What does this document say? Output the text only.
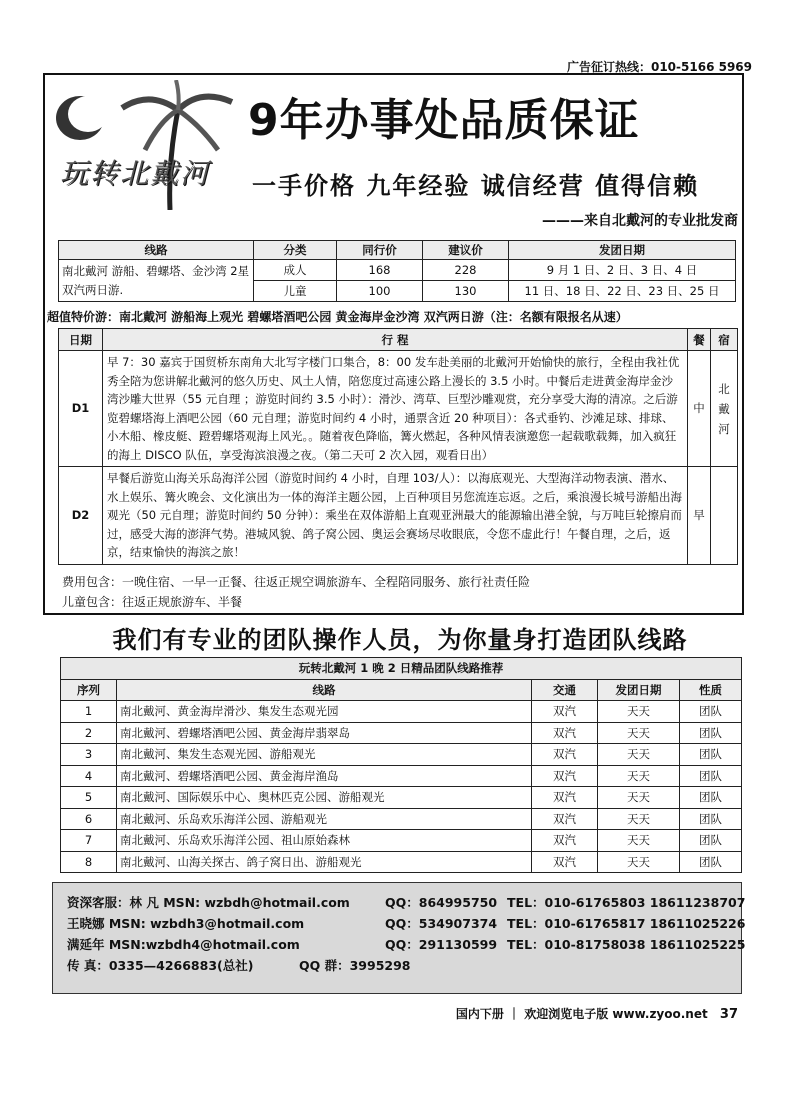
广告征订热线：010-5166 5969
玩转北戴河
9年办事处品质保证
一手价格 九年经验 诚信经营 值得信赖
———来自北戴河的专业批发商
线路	分类	同行价	建议价	发团日期
南北戴河 游船、碧螺塔、金沙湾 2星双汽两日游.	成人	168	228	9 月 1 日、2 日、3 日、4 日
	儿童	100	130	11 日、18 日、22 日、23 日、25 日
超值特价游：南北戴河 游船海上观光 碧螺塔酒吧公园 黄金海岸金沙湾 双汽两日游（注：名额有限报名从速）
日期	行 程	餐	宿
D1	早 7：30 嘉宾于国贸桥东南角大北写字楼门口集合，8：00 发车赴美丽的北戴河开始愉快的旅行，全程由我社优秀全陪为您讲解北戴河的悠久历史、风土人情，陪您度过高速公路上漫长的 3.5 小时。中餐后走进黄金海岸金沙湾沙雕大世界（55 元自理 ；游览时间约 3.5 小时）：滑沙、湾草、巨型沙雕观赏，充分享受大海的清凉。之后游览碧螺塔海上酒吧公园（60 元自理；游览时间约 4 小时，通票含近 20 种项目）：各式垂钓、沙滩足球、排球、小木船、橡皮艇、蹬碧螺塔观海上风光。。随着夜色降临，篝火燃起，各种风情表演邀您一起载歌载舞，加入疯狂的海上 DISCO 队伍，享受海滨浪漫之夜。（第二天可 2 次入园，观看日出）	中	北戴河
D2	早餐后游览山海关乐岛海洋公园（游览时间约 4 小时，自理 103/人）：以海底观光、大型海洋动物表演、潜水、水上娱乐、篝火晚会、文化演出为一体的海洋主题公园，上百种项目另您流连忘返。之后，乘浪漫长城号游船出海观光（50 元自理；游览时间约 50 分钟）：乘坐在双体游船上直观亚洲最大的能源输出港全貌，与万吨巨轮擦肩而过，感受大海的澎湃气势。港城风貌、鸽子窝公园、奥运会赛场尽收眼底，令您不虚此行！午餐自理，之后，返京，结束愉快的海滨之旅！	早	
费用包含：一晚住宿、一早一正餐、往返正规空调旅游车、全程陪同服务、旅行社责任险
儿童包含：往返正规旅游车、半餐
我们有专业的团队操作人员，为你量身打造团队线路
玩转北戴河 1 晚 2 日精品团队线路推荐				
序列	线路	交通	发团日期	性质
1	南北戴河、黄金海岸滑沙、集发生态观光园	双汽	天天	团队
2	南北戴河、碧螺塔酒吧公园、黄金海岸翡翠岛	双汽	天天	团队
3	南北戴河、集发生态观光园、游船观光	双汽	天天	团队
4	南北戴河、碧螺塔酒吧公园、黄金海岸渔岛	双汽	天天	团队
5	南北戴河、国际娱乐中心、奥林匹克公园、游船观光	双汽	天天	团队
6	南北戴河、乐岛欢乐海洋公园、游船观光	双汽	天天	团队
7	南北戴河、乐岛欢乐海洋公园、祖山原始森林	双汽	天天	团队
8	南北戴河、山海关探古、鸽子窝日出、游船观光	双汽	天天	团队
资深客服：林 凡 MSN: wzbdh@hotmail.com	QQ：864995750 TEL：010-61765803 18611238707
王晓娜 MSN: wzbdh3@hotmail.com	QQ：534907374 TEL：010-61765817 18611025226
满延年 MSN:wzbdh4@hotmail.com	QQ：291130599 TEL：010-81758038 18611025225
传 真：0335—4266883(总社)	QQ 群：3995298
国内下册 ｜ 欢迎浏览电子版 www.zyoo.net 37
